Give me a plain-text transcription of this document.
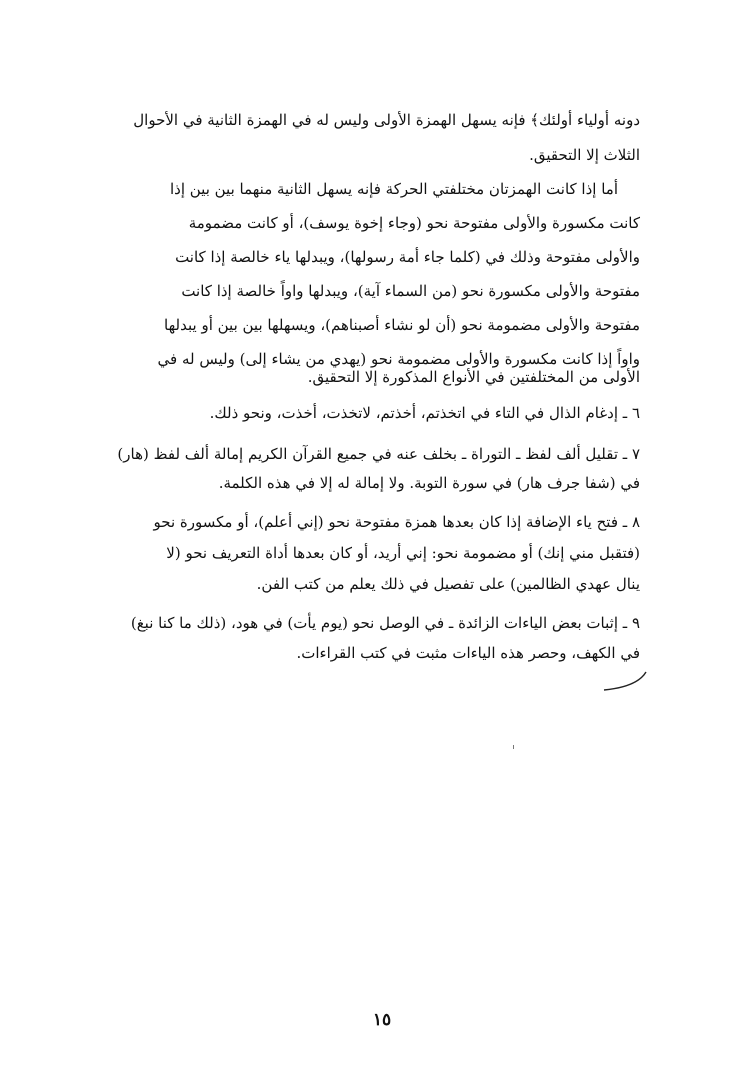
دونه أولياء أولئك﴾ فإنه يسهل الهمزة الأولى وليس له في الهمزة الثانية في الأحوال
الثلاث إلا التحقيق.
أما إذا كانت الهمزتان مختلفتي الحركة فإنه يسهل الثانية منهما بين بين إذا
كانت مكسورة والأولى مفتوحة نحو (وجاء إخوة يوسف)، أو كانت مضمومة
والأولى مفتوحة وذلك في (كلما جاء أمة رسولها)، ويبدلها ياء خالصة إذا كانت
مفتوحة والأولى مكسورة نحو (من السماء آية)، ويبدلها واواً خالصة إذا كانت
مفتوحة والأولى مضمومة نحو (أن لو نشاء أصبناهم)، ويسهلها بين بين أو يبدلها
واواً إذا كانت مكسورة والأولى مضمومة نحو (يهدي من يشاء إلى) وليس له في
الأولى من المختلفتين في الأنواع المذكورة إلا التحقيق.
٦ ـ إدغام الذال في التاء في اتخذتم، أخذتم، لاتخذت، أخذت، ونحو ذلك.
٧ ـ تقليل ألف لفظ ـ التوراة ـ بخلف عنه في جميع القرآن الكريم إمالة ألف لفظ (هار)
في (شفا جرف هار) في سورة التوبة. ولا إمالة له إلا في هذه الكلمة.
٨ ـ فتح ياء الإضافة إذا كان بعدها همزة مفتوحة نحو (إني أعلم)، أو مكسورة نحو
(فتقبل مني إنك) أو مضمومة نحو: إني أريد، أو كان بعدها أداة التعريف نحو (لا
ينال عهدي الظالمين) على تفصيل في ذلك يعلم من كتب الفن.
٩ ـ إثبات بعض الياءات الزائدة ـ في الوصل نحو (يوم يأت) في هود، (ذلك ما كنا نبغ)
في الكهف، وحصر هذه الياءات مثبت في كتب القراءات.
١٥
